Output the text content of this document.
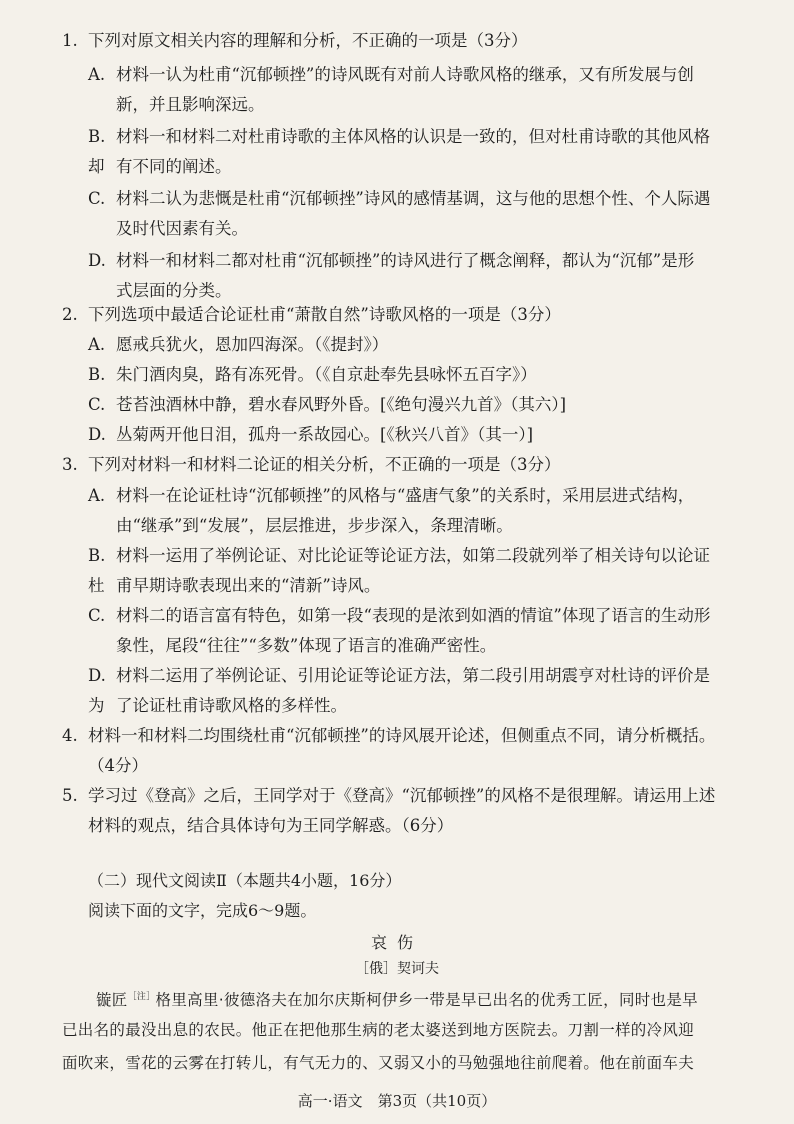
1. 下列对原文相关内容的理解和分析，不正确的一项是（3分）
A. 材料一认为杜甫“沉郁顿挫”的诗风既有对前人诗歌风格的继承，又有所发展与创
新，并且影响深远。
B. 材料一和材料二对杜甫诗歌的主体风格的认识是一致的，但对杜甫诗歌的其他风格却 有不同的阐述。
C. 材料二认为悲慨是杜甫“沉郁顿挫”诗风的感情基调，这与他的思想个性、个人际遇
及时代因素有关。
D. 材料一和材料二都对杜甫“沉郁顿挫”的诗风进行了概念阐释，都认为“沉郁”是形
式层面的分类。
2. 下列选项中最适合论证杜甫“萧散自然”诗歌风格的一项是（3分）
A. 愿戒兵犹火，恩加四海深。（《提封》）
B. 朱门酒肉臭，路有冻死骨。（《自京赴奉先县咏怀五百字》）
C. 苍苔浊酒林中静，碧水春风野外昏。[《绝句漫兴九首》（其六）]
D. 丛菊两开他日泪，孤舟一系故园心。[《秋兴八首》（其一）]
3. 下列对材料一和材料二论证的相关分析，不正确的一项是（3分）
A. 材料一在论证杜诗“沉郁顿挫”的风格与“盛唐气象”的关系时，采用层进式结构，
由“继承”到“发展”，层层推进，步步深入，条理清晰。
B. 材料一运用了举例论证、对比论证等论证方法，如第二段就列举了相关诗句以论证杜 甫早期诗歌表现出来的“清新”诗风。
C. 材料二的语言富有特色，如第一段“表现的是浓到如酒的情谊”体现了语言的生动形
象性，尾段“往往”“多数”体现了语言的准确严密性。
D. 材料二运用了举例论证、引用论证等论证方法，第二段引用胡震亨对杜诗的评价是为 了论证杜甫诗歌风格的多样性。
4. 材料一和材料二均围绕杜甫“沉郁顿挫”的诗风展开论述，但侧重点不同，请分析概括。
（4分）
5. 学习过《登高》之后，王同学对于《登高》“沉郁顿挫”的风格不是很理解。请运用上述
材料的观点，结合具体诗句为王同学解惑。（6分）
（二）现代文阅读Ⅱ（本题共4小题，16分）
阅读下面的文字，完成6～9题。
哀伤
［俄］契诃夫
镟匠$^{[注]}$格里高里·彼德洛夫在加尔庆斯柯伊乡一带是早已出名的优秀工匠，同时也是早
已出名的最没出息的农民。他正在把他那生病的老太婆送到地方医院去。刀割一样的冷风迎
面吹来，雪花的云雾在打转儿，有气无力的、又弱又小的马勉强地往前爬着。他在前面车夫
高一·语文　第3页（共10页）
